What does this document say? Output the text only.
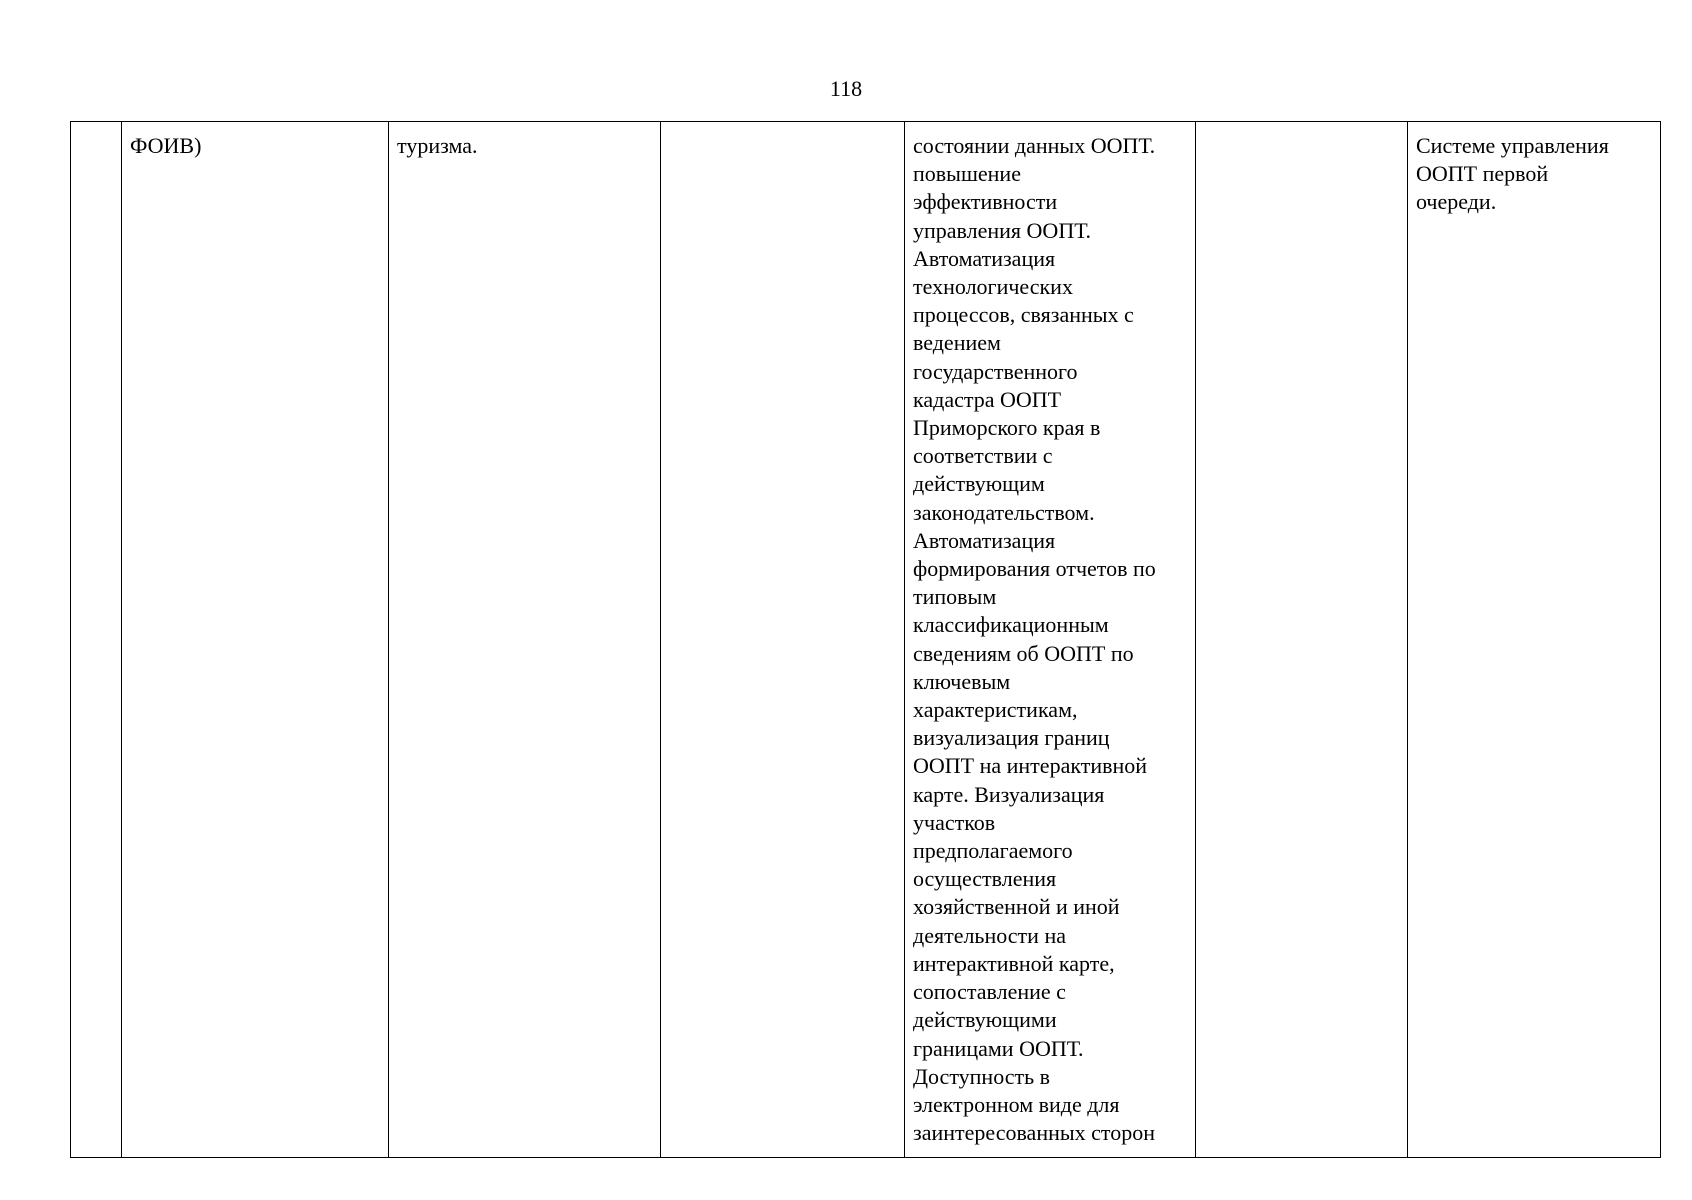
118
	ФОИВ)	туризма.		состоянии данных ООПТ.
повышение
эффективности
управления ООПТ.
Автоматизация
технологических
процессов, связанных с
ведением
государственного
кадастра ООПТ
Приморского края в
соответствии с
действующим
законодательством.
Автоматизация
формирования отчетов по
типовым
классификационным
сведениям об ООПТ по
ключевым
характеристикам,
визуализация границ
ООПТ на интерактивной
карте. Визуализация
участков
предполагаемого
осуществления
хозяйственной и иной
деятельности на
интерактивной карте,
сопоставление с
действующими
границами ООПТ.
Доступность в
электронном виде для
заинтересованных сторон		Системе управления
ООПТ первой
очереди.
